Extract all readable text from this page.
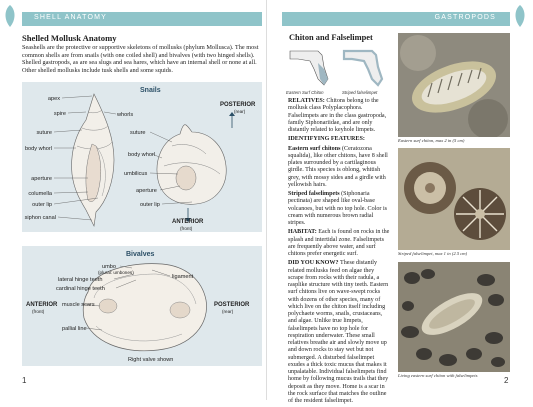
SHELL ANATOMY	GASTROPODS
Shelled Mollusk Anatomy
Seashells are the protective or supportive skeletons of mollusks (phylum Mollusca). The most common shells are from snails (with one coiled shell) and bivalves (with two hinged shells). Shelled gastropods, as are sea slugs and sea hares, which have an internal shell or none at all. Other shelled mollusks include tusk shells and some squids.
Snails
apex
spire	whorls
suture
body whorl
aperture
columella
outer lip
siphon canal
POSTERIOR
(rear)
suture
body whorl
umbilicus
aperture
outer lip
ANTERIOR
(front)
Bivalves
umbo
(plural: umbones)
lateral hinge teeth
cardinal hinge teeth
muscle scars
pallial line
ligament
ANTERIOR
(front)
POSTERIOR
(rear)
Right valve shown
1
Chiton and Falselimpet
Eastern Surf Chiton	Striped falselimpet

RELATIVES: Chitons belong to the mollusk class Polyplacophora. Falselimpets are in the class gastropoda, family Siphonariidae, and are only distantly related to keyhole limpets.

IDENTIFYING FEATURES:

Eastern surf chitons (Ceratozona squalida), like other chitons, have 8 shell plates surrounded by a cartilaginous girdle. This species is oblong, whitish grey, with mossy sides and a girdle with yellowish hairs.

Striped falselimpets (Siphonaria pectinata) are shaped like oval-base volcanoes, but with no top hole. Color is cream with numerous brown radial stripes.

HABITAT: Each is found on rocks in the splash and intertidal zone. Falselimpets are frequently above water, and surf chitons prefer energetic surf.

DID YOU KNOW? These distantly related mollusks feed on algae they scrape from rocks with their radula, a rasplike structure with tiny teeth. Eastern surf chitons live on wave-swept rocks with dozens of other species, many of which live on the chiton itself including polychaete worms, snails, crustaceans, and algae. Unlike true limpets, falselimpets have no top hole for respiration underwater. These small relatives breathe air and slowly move up and down rocks to stay wet but not submerged. A disturbed falselimpet exudes a thick toxic mucus that makes it unpalatable. Individual falselimpets find home by following mucus trails that they deposit as they move. Home is a scar in the rock surface that matches the outline of the resident falselimpet.

Eastern surf chiton, max 2 in (5 cm)
Striped falselimpet, max 1 in (2.5 cm)
Living eastern surf chiton with falselimpets
2
